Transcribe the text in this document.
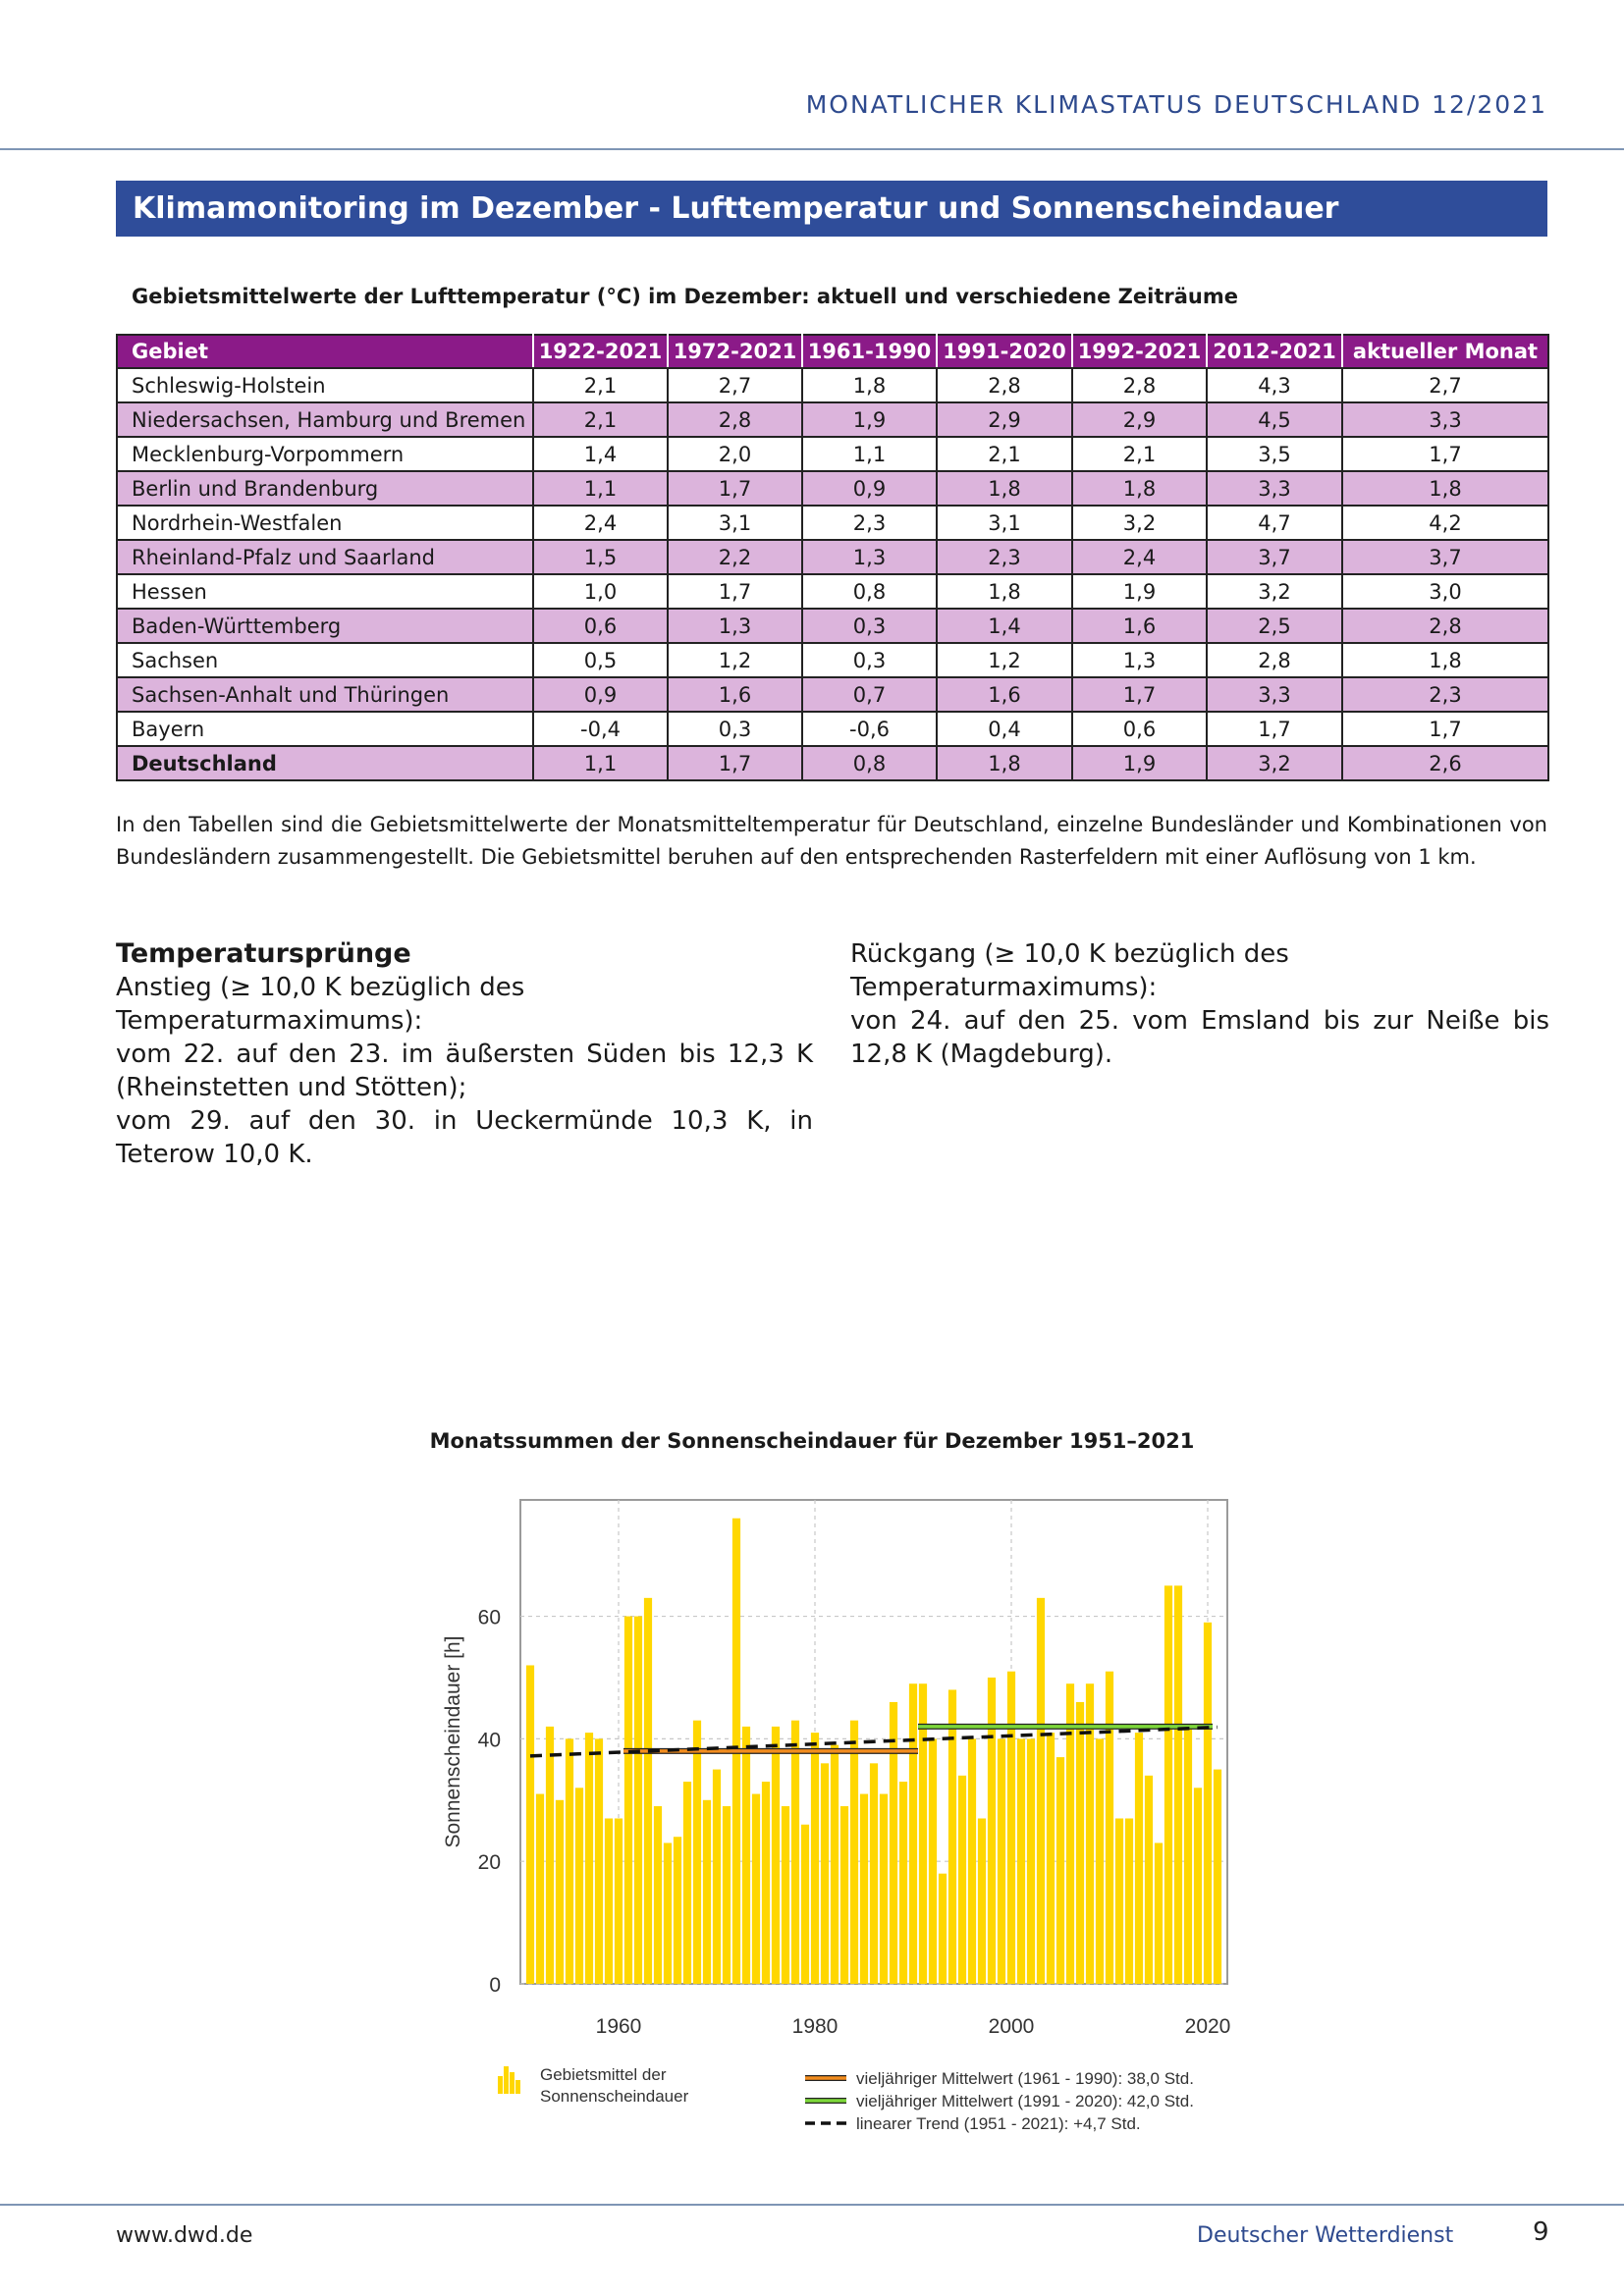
MONATLICHER KLIMASTATUS DEUTSCHLAND 12/2021
Klimamonitoring im Dezember - Lufttemperatur und Sonnenscheindauer
Gebietsmittelwerte der Lufttemperatur (°C) im Dezember: aktuell und verschiedene Zeiträume
Gebiet	1922-2021	1972-2021	1961-1990	1991-2020	1992-2021	2012-2021	aktueller Monat
Schleswig-Holstein	2,1	2,7	1,8	2,8	2,8	4,3	2,7
Niedersachsen, Hamburg und Bremen	2,1	2,8	1,9	2,9	2,9	4,5	3,3
Mecklenburg-Vorpommern	1,4	2,0	1,1	2,1	2,1	3,5	1,7
Berlin und Brandenburg	1,1	1,7	0,9	1,8	1,8	3,3	1,8
Nordrhein-Westfalen	2,4	3,1	2,3	3,1	3,2	4,7	4,2
Rheinland-Pfalz und Saarland	1,5	2,2	1,3	2,3	2,4	3,7	3,7
Hessen	1,0	1,7	0,8	1,8	1,9	3,2	3,0
Baden-Württemberg	0,6	1,3	0,3	1,4	1,6	2,5	2,8
Sachsen	0,5	1,2	0,3	1,2	1,3	2,8	1,8
Sachsen-Anhalt und Thüringen	0,9	1,6	0,7	1,6	1,7	3,3	2,3
Bayern	-0,4	0,3	-0,6	0,4	0,6	1,7	1,7
Deutschland	1,1	1,7	0,8	1,8	1,9	3,2	2,6
In den Tabellen sind die Gebietsmittelwerte der Monatsmitteltemperatur für Deutschland, einzelne Bundesländer und Kombinationen von Bundesländern zusammengestellt. Die Gebietsmittel beruhen auf den entsprechenden Rasterfeldern mit einer Auflösung von 1 km.
Temperatursprünge
Anstieg (≥ 10,0 K bezüglich des Temperaturmaximums):
vom 22. auf den 23. im äußersten Süden bis 12,3 K (Rheinstetten und Stötten);
vom 29. auf den 30. in Ueckermünde 10,3 K, in Teterow 10,0 K.
Rückgang (≥ 10,0 K bezüglich des Temperaturmaximums):
von 24. auf den 25. vom Emsland bis zur Neiße bis 12,8 K (Magdeburg).
Monatssummen der Sonnenscheindauer für Dezember 1951–2021
0
20
40
60
1960	1980	2000	2020
Sonnenscheindauer [h]
Gebietsmittel der
Sonnenscheindauer
vieljähriger Mittelwert (1961 - 1990): 38,0 Std.
vieljähriger Mittelwert (1991 - 2020): 42,0 Std.
linearer Trend (1951 - 2021): +4,7 Std.
www.dwd.de	Deutscher Wetterdienst	9
